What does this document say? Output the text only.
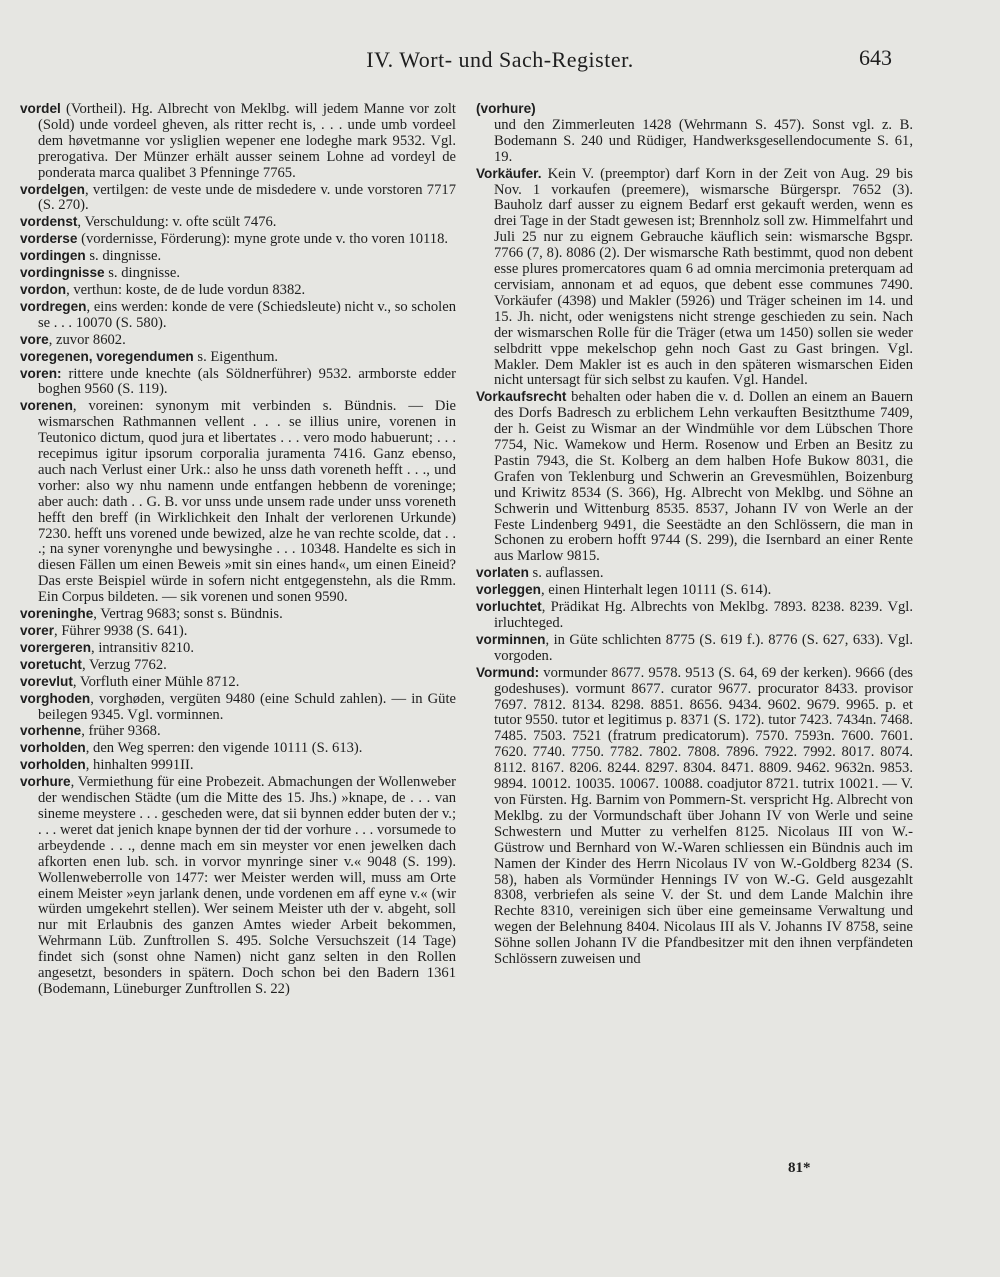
IV. Wort- und Sach-Register.	643

vordel (Vortheil). Hg. Albrecht von Meklbg. will jedem Manne vor zolt (Sold) unde vordeel gheven, als ritter recht is, . . . unde umb vordeel dem høvetmanne vor ysliglien wepener ene lodeghe mark 9532. Vgl. prerogativa. Der Münzer erhält ausser seinem Lohne ad vordeyl de ponderata marca qualibet 3 Pfenninge 7765.

vordelgen, vertilgen: de veste unde de misdedere v. unde vorstoren 7717 (S. 270).

vordenst, Verschuldung: v. ofte scült 7476.

vorderse (vordernisse, Förderung): myne grote unde v. tho voren 10118.

vordingen s. dingnisse.

vordingnisse s. dingnisse.

vordon, verthun: koste, de de lude vordun 8382.

vordregen, eins werden: konde de vere (Schiedsleute) nicht v., so scholen se . . . 10070 (S. 580).

vore, zuvor 8602.

voregenen, voregendumen s. Eigenthum.

voren: rittere unde knechte (als Söldnerführer) 9532. armborste edder boghen 9560 (S. 119).

vorenen, voreinen: synonym mit verbinden s. Bündnis. — Die wismarschen Rathmannen vellent . . . se illius unire, vorenen in Teutonico dictum, quod jura et libertates . . . vero modo habuerunt; . . . recepimus igitur ipsorum corporalia juramenta 7416. Ganz ebenso, auch nach Verlust einer Urk.: also he unss dath voreneth hefft . . ., und vorher: also wy nhu namenn unde entfangen hebbenn de voreninge; aber auch: dath . . G. B. vor unss unde unsem rade under unss voreneth hefft den breff (in Wirklichkeit den Inhalt der verlorenen Urkunde) 7230. hefft uns vorened unde bewized, alze he van rechte scolde, dat . . .; na syner vorenynghe und bewysinghe . . . 10348. Handelte es sich in diesen Fällen um einen Beweis »mit sin eines hand«, um einen Eineid? Das erste Beispiel würde in sofern nicht entgegenstehn, als die Rmm. Ein Corpus bildeten. — sik vorenen und sonen 9590.

voreninghe, Vertrag 9683; sonst s. Bündnis.

vorer, Führer 9938 (S. 641).

vorergeren, intransitiv 8210.

voretucht, Verzug 7762.

vorevlut, Vorfluth einer Mühle 8712.

vorghoden, vorghøden, vergüten 9480 (eine Schuld zahlen). — in Güte beilegen 9345. Vgl. vorminnen.

vorhenne, früher 9368.

vorholden, den Weg sperren: den vigende 10111 (S. 613).

vorholden, hinhalten 9991II.

vorhure, Vermiethung für eine Probezeit. Abmachungen der Wollenweber der wendischen Städte (um die Mitte des 15. Jhs.) »knape, de . . . van sineme meystere . . . gescheden were, dat sii bynnen edder buten der v.; . . . weret dat jenich knape bynnen der tid der vorhure . . . vorsumede to arbeydende . . ., denne mach em sin meyster vor enen jewelken dach afkorten enen lub. sch. in vorvor mynringe siner v.« 9048 (S. 199). Wollenweberrolle von 1477: wer Meister werden will, muss am Orte einem Meister »eyn jarlank denen, unde vordenen em aff eyne v.« (wir würden umgekehrt stellen). Wer seinem Meister uth der v. abgeht, soll nur mit Erlaubnis des ganzen Amtes wieder Arbeit bekommen, Wehrmann Lüb. Zunftrollen S. 495. Solche Versuchszeit (14 Tage) findet sich (sonst ohne Namen) nicht ganz selten in den Rollen angesetzt, besonders in spätern. Doch schon bei den Badern 1361 (Bodemann, Lüneburger Zunftrollen S. 22)

(vorhure)

und den Zimmerleuten 1428 (Wehrmann S. 457). Sonst vgl. z. B. Bodemann S. 240 und Rüdiger, Handwerksgesellendocumente S. 61, 19.

Vorkäufer. Kein V. (preemptor) darf Korn in der Zeit von Aug. 29 bis Nov. 1 vorkaufen (preemere), wismarsche Bürgerspr. 7652 (3). Bauholz darf ausser zu eignem Bedarf erst gekauft werden, wenn es drei Tage in der Stadt gewesen ist; Brennholz soll zw. Himmelfahrt und Juli 25 nur zu eignem Gebrauche käuflich sein: wismarsche Bgspr. 7766 (7, 8). 8086 (2). Der wismarsche Rath bestimmt, quod non debent esse plures promercatores quam 6 ad omnia mercimonia preterquam ad cervisiam, annonam et ad equos, que debent esse communes 7490. Vorkäufer (4398) und Makler (5926) und Träger scheinen im 14. und 15. Jh. nicht, oder wenigstens nicht strenge geschieden zu sein. Nach der wismarschen Rolle für die Träger (etwa um 1450) sollen sie weder selbdritt vppe mekelschop gehn noch Gast zu Gast bringen. Vgl. Makler. Dem Makler ist es auch in den späteren wismarschen Eiden nicht untersagt für sich selbst zu kaufen. Vgl. Handel.

Vorkaufsrecht behalten oder haben die v. d. Dollen an einem an Bauern des Dorfs Badresch zu erblichem Lehn verkauften Besitzthume 7409, der h. Geist zu Wismar an der Windmühle vor dem Lübschen Thore 7754, Nic. Wamekow und Herm. Rosenow und Erben an Besitz zu Pastin 7943, die St. Kolberg an dem halben Hofe Bukow 8031, die Grafen von Teklenburg und Schwerin an Grevesmühlen, Boizenburg und Kriwitz 8534 (S. 366), Hg. Albrecht von Meklbg. und Söhne an Schwerin und Wittenburg 8535. 8537, Johann IV von Werle an der Feste Lindenberg 9491, die Seestädte an den Schlössern, die man in Schonen zu erobern hofft 9744 (S. 299), die Isernbard an einer Rente aus Marlow 9815.

vorlaten s. auflassen.

vorleggen, einen Hinterhalt legen 10111 (S. 614).

vorluchtet, Prädikat Hg. Albrechts von Meklbg. 7893. 8238. 8239. Vgl. irluchteged.

vorminnen, in Güte schlichten 8775 (S. 619 f.). 8776 (S. 627, 633). Vgl. vorgoden.

Vormund: vormunder 8677. 9578. 9513 (S. 64, 69 der kerken). 9666 (des godeshuses). vormunt 8677. curator 9677. procurator 8433. provisor 7697. 7812. 8134. 8298. 8851. 8656. 9434. 9602. 9679. 9965. p. et tutor 9550. tutor et legitimus p. 8371 (S. 172). tutor 7423. 7434n. 7468. 7485. 7503. 7521 (fratrum predicatorum). 7570. 7593n. 7600. 7601. 7620. 7740. 7750. 7782. 7802. 7808. 7896. 7922. 7992. 8017. 8074. 8112. 8167. 8206. 8244. 8297. 8304. 8471. 8809. 9462. 9632n. 9853. 9894. 10012. 10035. 10067. 10088. coadjutor 8721. tutrix 10021. — V. von Fürsten. Hg. Barnim von Pommern-St. verspricht Hg. Albrecht von Meklbg. zu der Vormundschaft über Johann IV von Werle und seine Schwestern und Mutter zu verhelfen 8125. Nicolaus III von W.-Güstrow und Bernhard von W.-Waren schliessen ein Bündnis auch im Namen der Kinder des Herrn Nicolaus IV von W.-Goldberg 8234 (S. 58), haben als Vormünder Hennings IV von W.-G. Geld ausgezahlt 8308, verbriefen als seine V. der St. und dem Lande Malchin ihre Rechte 8310, vereinigen sich über eine gemeinsame Verwaltung und wegen der Belehnung 8404. Nicolaus III als V. Johanns IV 8758, seine Söhne sollen Johann IV die Pfandbesitzer mit den ihnen verpfändeten Schlössern zuweisen und

81*
